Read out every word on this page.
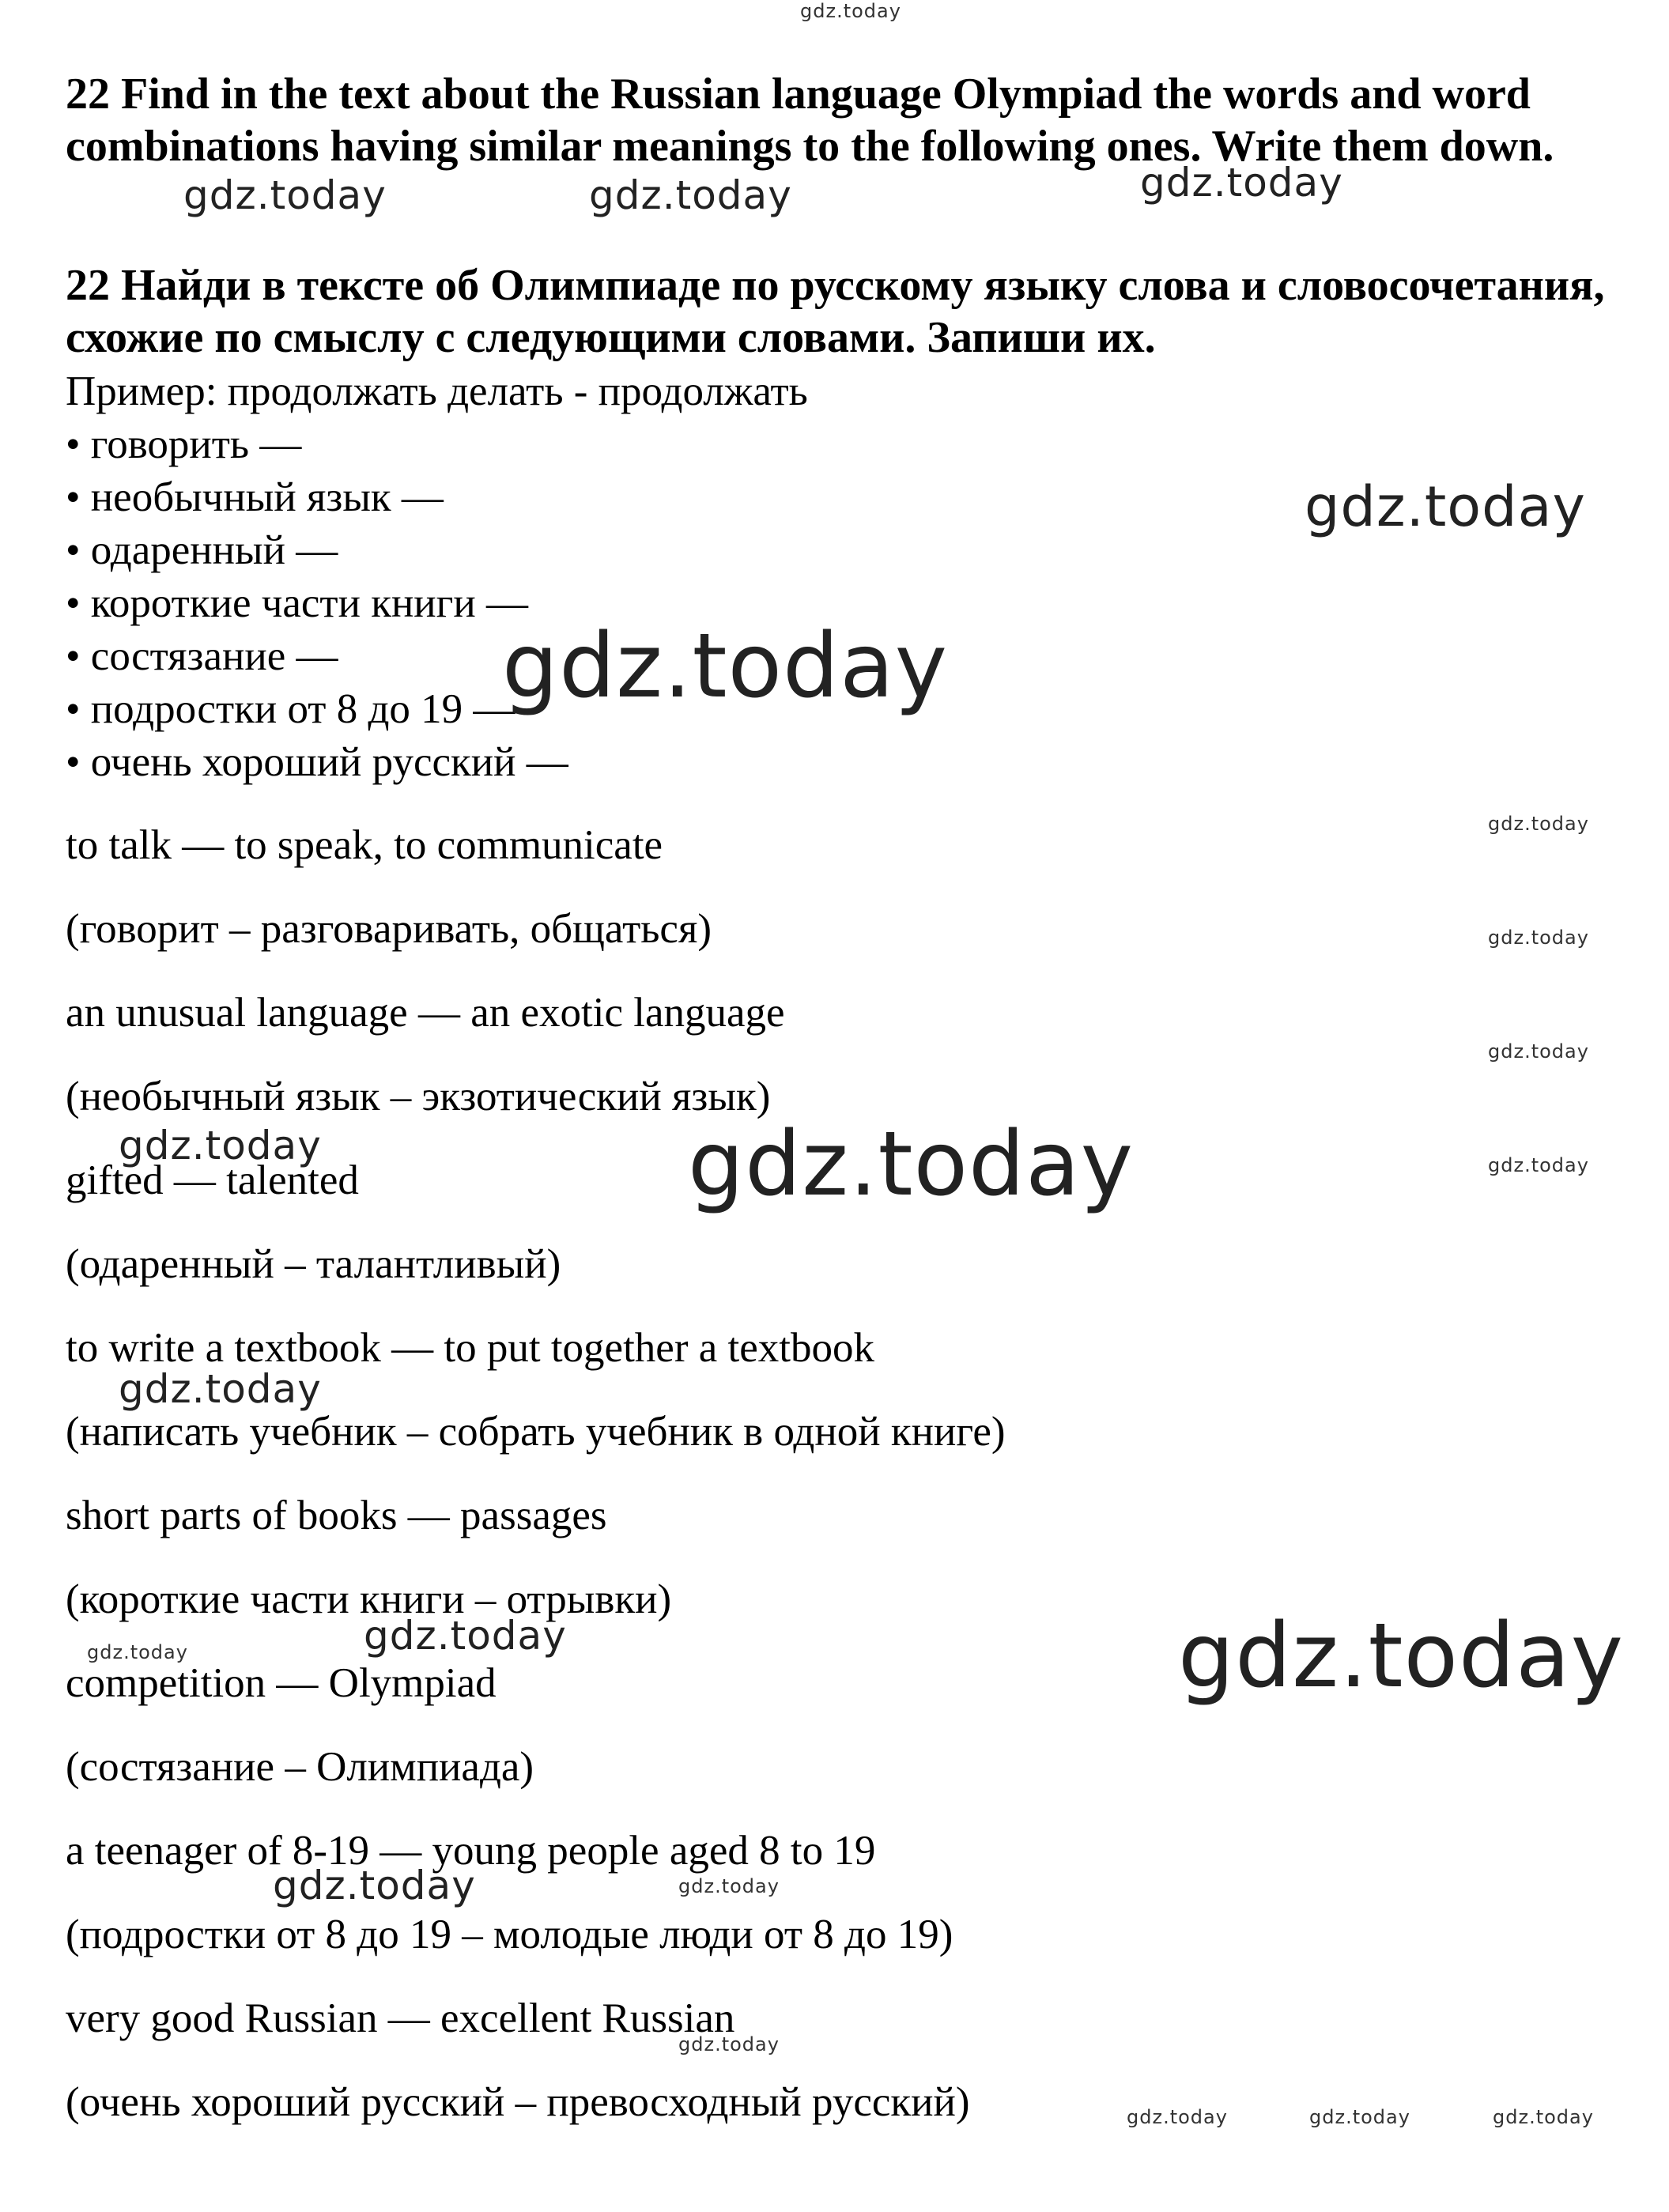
22 Find in the text about the Russian language Olympiad the words and word combinations having similar meanings to the following ones. Write them down.

22 Найди в тексте об Олимпиаде по русскому языку слова и словосочетания, схожие по смыслу с следующими словами. Запиши их.

Пример: продолжать делать - продолжать

• говорить —

• необычный язык —

• одаренный —

• короткие части книги —

• состязание —

• подростки от 8 до 19 —

• очень хороший русский —

to talk — to speak, to communicate

(говорит – разговаривать, общаться)

an unusual language — an exotic language

(необычный язык – экзотический язык)

gifted — talented

(одаренный – талантливый)

to write a textbook — to put together a textbook

(написать учебник – собрать учебник в одной книге)

short parts of books — passages

(короткие части книги – отрывки)

competition — Olympiad

(состязание – Олимпиада)

a teenager of 8-19 — young people aged 8 to 19

(подростки от 8 до 19 – молодые люди от 8 до 19)

very good Russian — excellent Russian

(очень хороший русский – превосходный русский)

gdz.today
gdz.today	gdz.today	gdz.today
gdz.today
gdz.today
gdz.today
gdz.today
gdz.today
gdz.today
gdz.today	gdz.today
gdz.today
gdz.today	gdz.today	gdz.today
gdz.today	gdz.today
gdz.today
gdz.today	gdz.today	gdz.today
